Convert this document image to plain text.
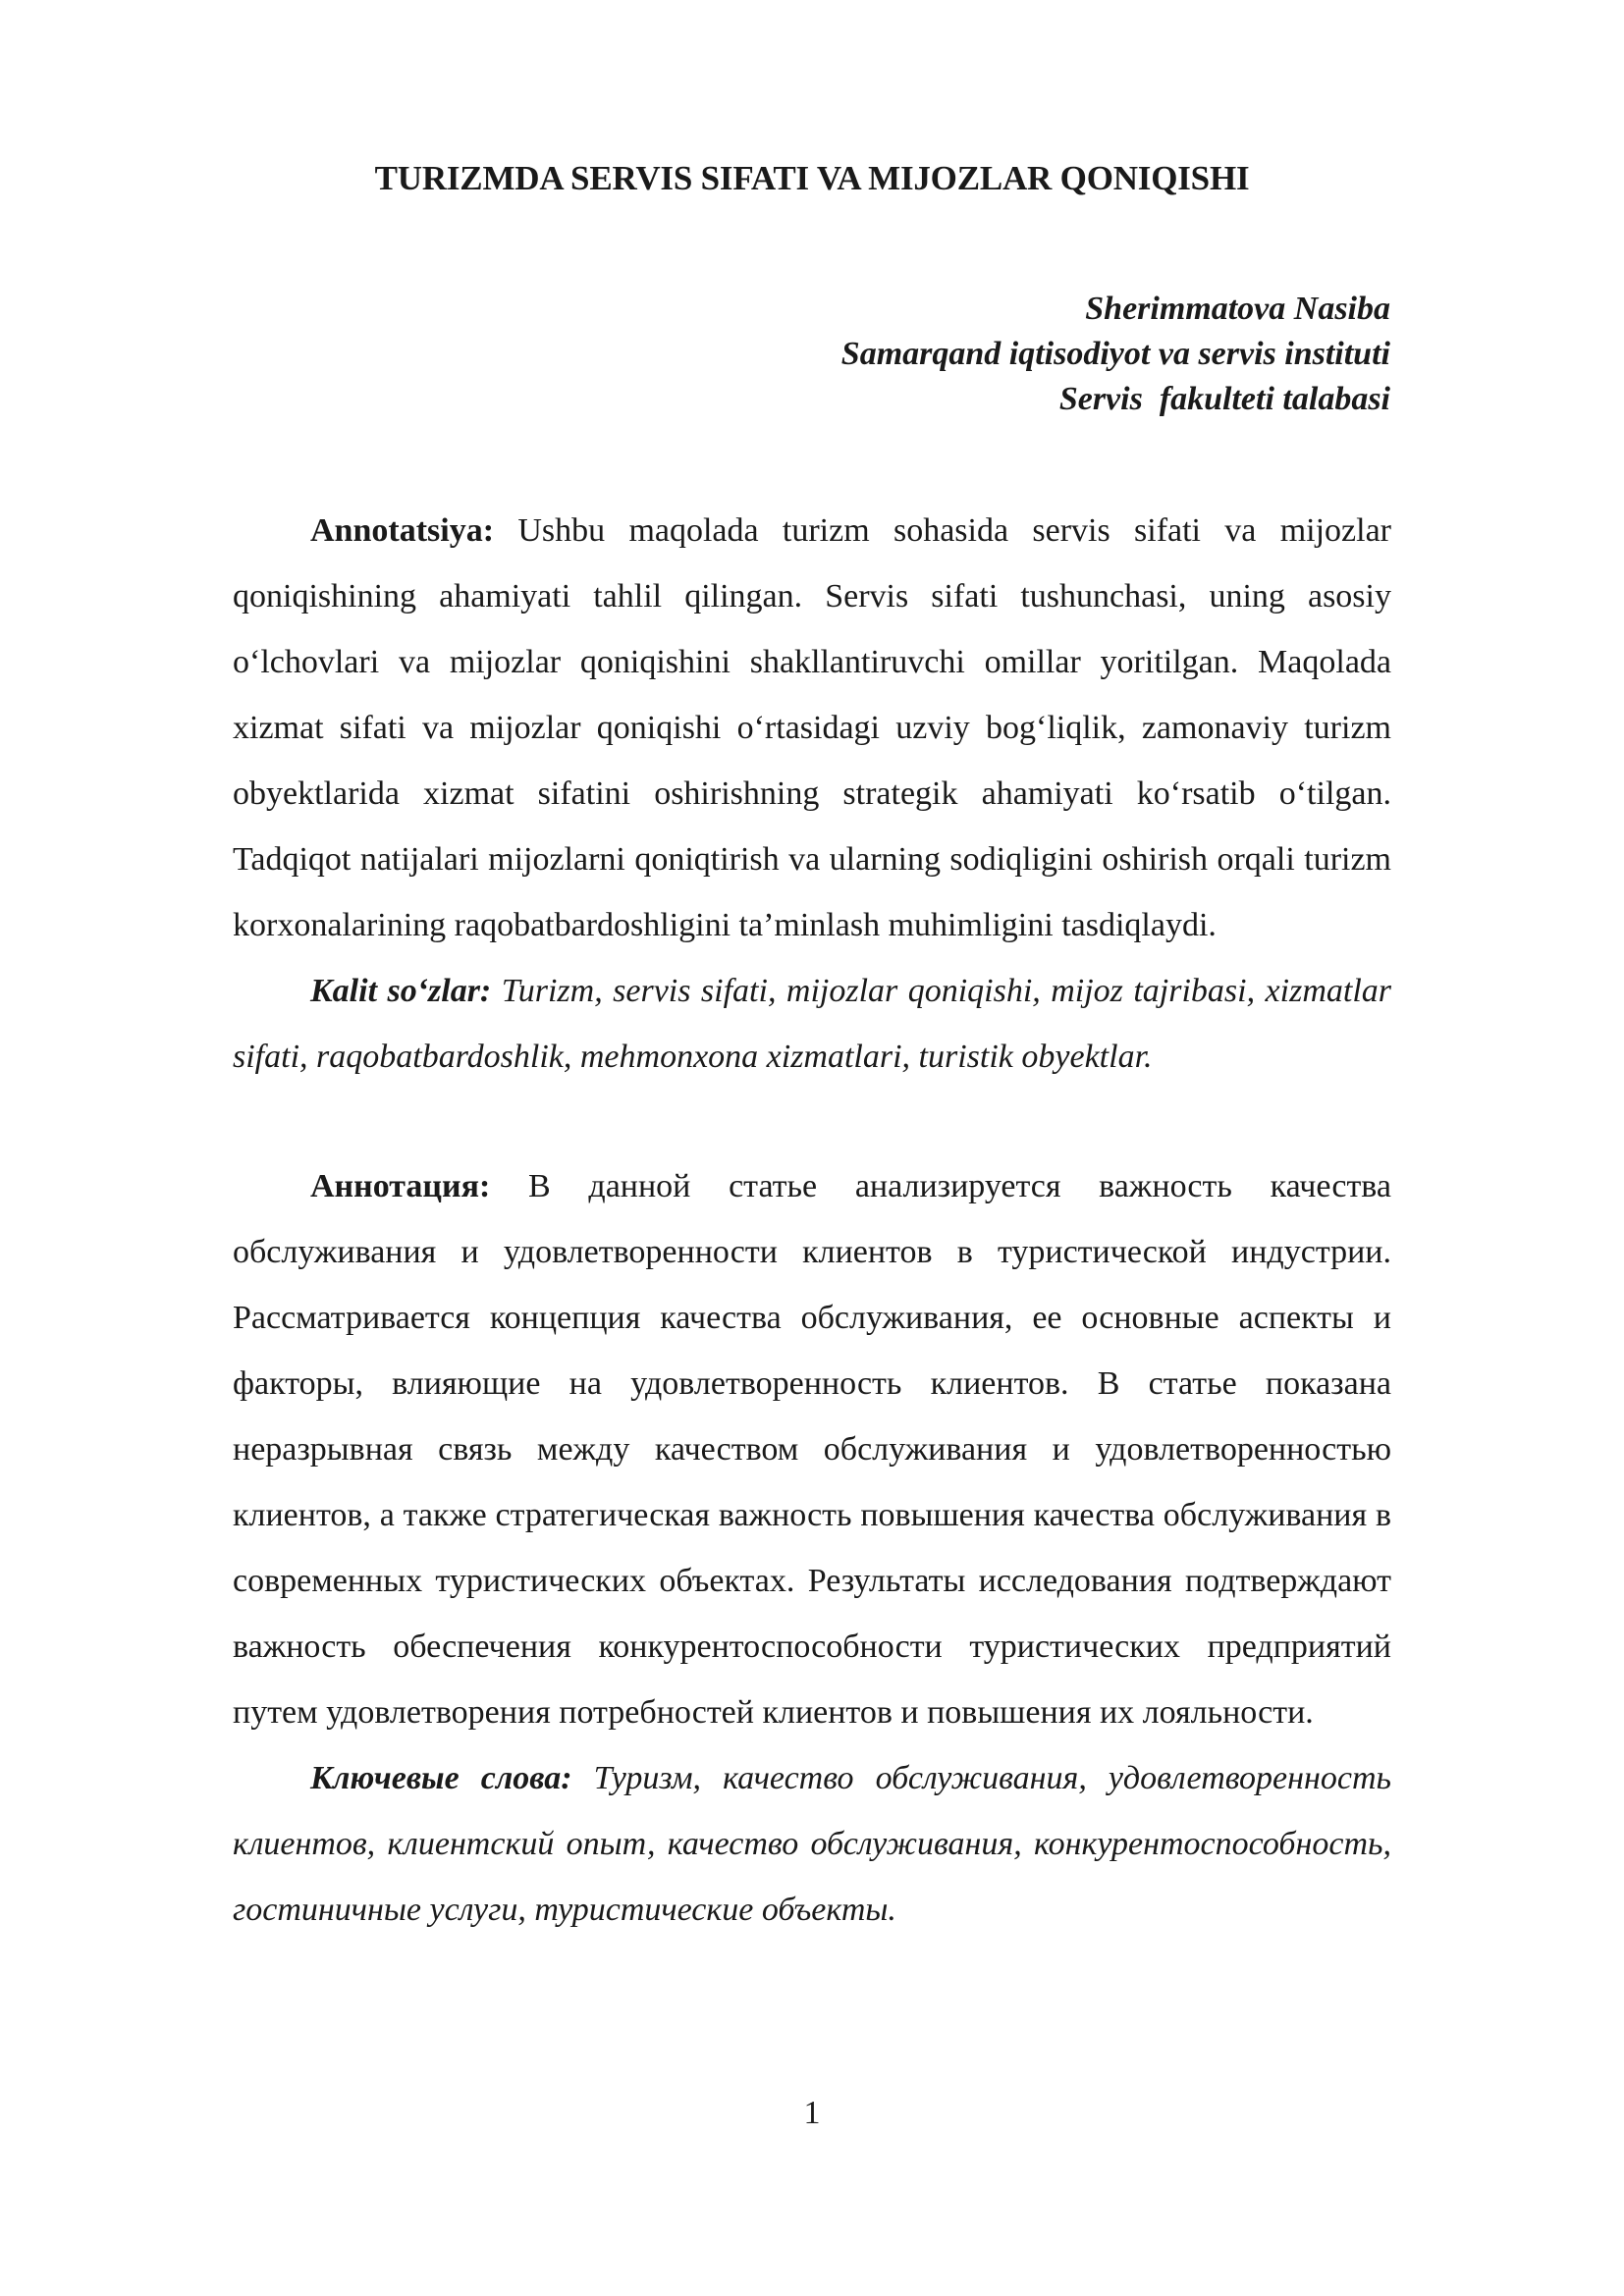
TURIZMDA SERVIS SIFATI VA MIJOZLAR QONIQISHI
Sherimmatova Nasiba
Samarqand iqtisodiyot va servis instituti
Servis  fakulteti talabasi

Annotatsiya: Ushbu maqolada turizm sohasida servis sifati va mijozlar qoniqishining ahamiyati tahlil qilingan. Servis sifati tushunchasi, uning asosiy o‘lchovlari va mijozlar qoniqishini shakllantiruvchi omillar yoritilgan. Maqolada xizmat sifati va mijozlar qoniqishi o‘rtasidagi uzviy bog‘liqlik, zamonaviy turizm obyektlarida xizmat sifatini oshirishning strategik ahamiyati ko‘rsatib o‘tilgan. Tadqiqot natijalari mijozlarni qoniqtirish va ularning sodiqligini oshirish orqali turizm korxonalarining raqobatbardoshligini ta’minlash muhimligini tasdiqlaydi.

Kalit so‘zlar: Turizm, servis sifati, mijozlar qoniqishi, mijoz tajribasi, xizmatlar sifati, raqobatbardoshlik, mehmonxona xizmatlari, turistik obyektlar.

Аннотация: В данной статье анализируется важность качества обслуживания и удовлетворенности клиентов в туристической индустрии. Рассматривается концепция качества обслуживания, ее основные аспекты и факторы, влияющие на удовлетворенность клиентов. В статье показана неразрывная связь между качеством обслуживания и удовлетворенностью клиентов, а также стратегическая важность повышения качества обслуживания в современных туристических объектах. Результаты исследования подтверждают важность обеспечения конкурентоспособности туристических предприятий путем удовлетворения потребностей клиентов и повышения их лояльности.

Ключевые слова: Туризм, качество обслуживания, удовлетворенность клиентов, клиентский опыт, качество обслуживания, конкурентоспособность, гостиничные услуги, туристические объекты.

1
